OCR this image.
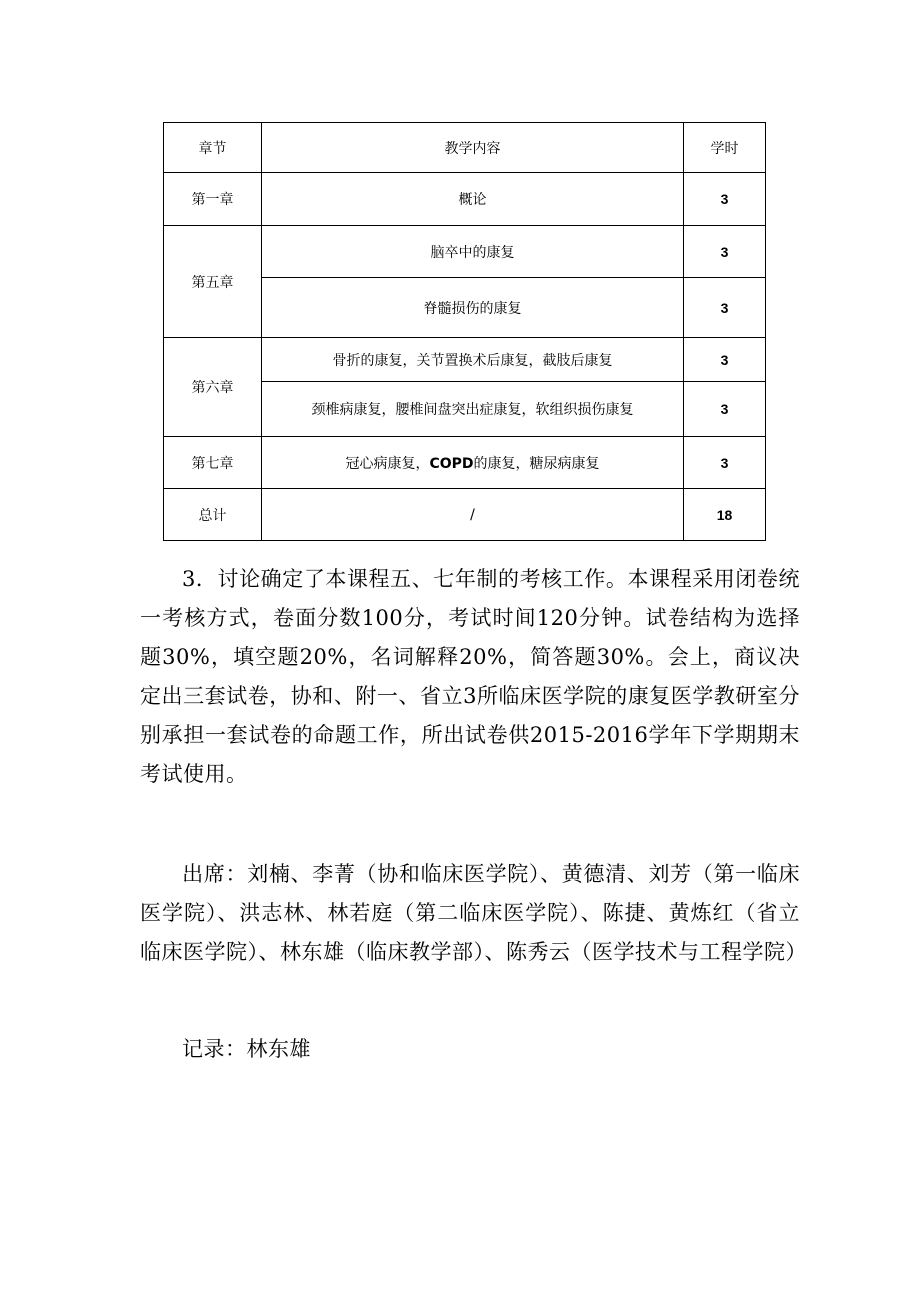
章节	教学内容	学时
第一章	概论	3
第五章	脑卒中的康复	3
	脊髓损伤的康复	3
第六章	骨折的康复，关节置换术后康复，截肢后康复	3
	颈椎病康复，腰椎间盘突出症康复，软组织损伤康复	3
第七章	冠心病康复，COPD的康复，糖尿病康复	3
总计	/	18
3．讨论确定了本课程五、七年制的考核工作。本课程采用闭卷统一考核方式，卷面分数100分，考试时间120分钟。试卷结构为选择题30%，填空题20%，名词解释20%，简答题30%。会上，商议决定出三套试卷，协和、附一、省立3所临床医学院的康复医学教研室分别承担一套试卷的命题工作，所出试卷供2015-2016学年下学期期末考试使用。
出席：刘楠、李菁（协和临床医学院）、黄德清、刘芳（第一临床医学院）、洪志林、林若庭（第二临床医学院）、陈捷、黄炼红（省立临床医学院）、林东雄（临床教学部）、陈秀云（医学技术与工程学院）
记录：林东雄
